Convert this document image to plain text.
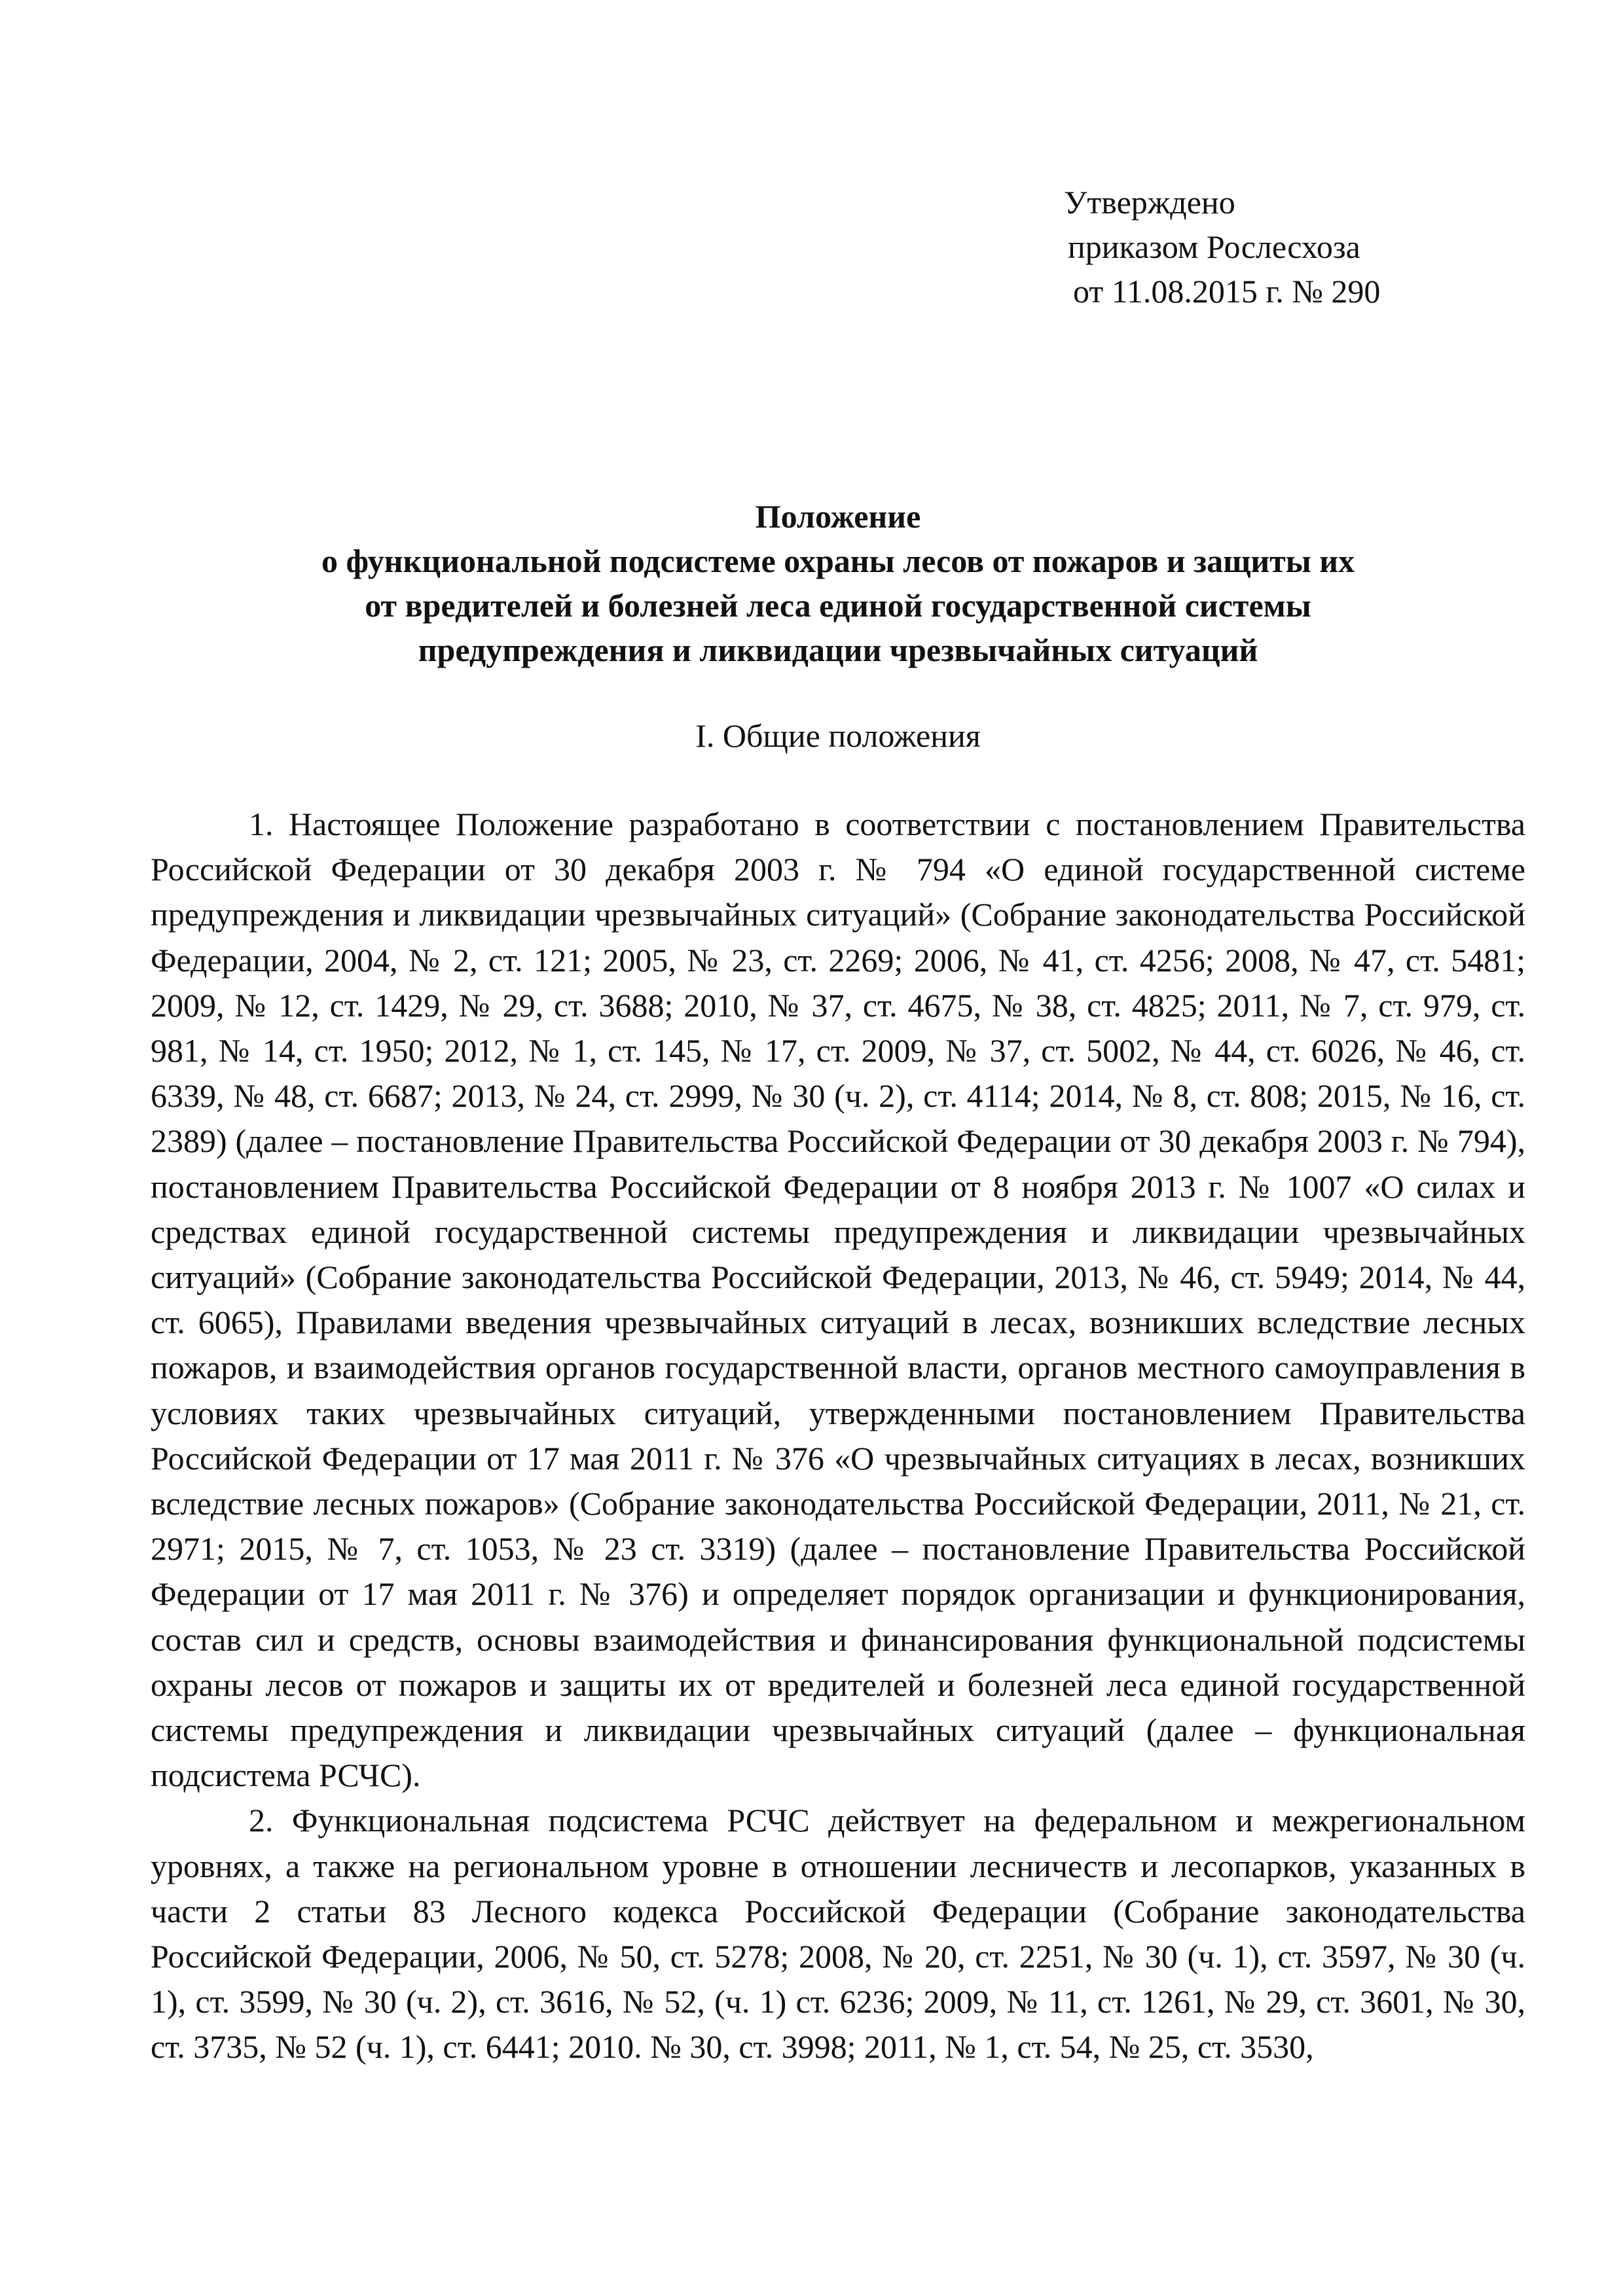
Утверждено
приказом Рослесхоза
от 11.08.2015 г. № 290
Положение
о функциональной подсистеме охраны лесов от пожаров и защиты их
от вредителей и болезней леса единой государственной системы
предупреждения и ликвидации чрезвычайных ситуаций
I. Общие положения

1. Настоящее Положение разработано в соответствии с постановлением Правительства Российской Федерации от 30 декабря 2003 г. № 794 «О единой государственной системе предупреждения и ликвидации чрезвычайных ситуаций» (Собрание законодательства Российской Федерации, 2004, № 2, ст. 121; 2005, № 23, ст. 2269; 2006, № 41, ст. 4256; 2008, № 47, ст. 5481; 2009, № 12, ст. 1429, № 29, ст. 3688; 2010, № 37, ст. 4675, № 38, ст. 4825; 2011, № 7, ст. 979, ст. 981, № 14, ст. 1950; 2012, № 1, ст. 145, № 17, ст. 2009, № 37, ст. 5002, № 44, ст. 6026, № 46, ст. 6339, № 48, ст. 6687; 2013, № 24, ст. 2999, № 30 (ч. 2), ст. 4114; 2014, № 8, ст. 808; 2015, № 16, ст. 2389) (далее – постановление Правительства Российской Федерации от 30 декабря 2003 г. № 794), постановлением Правительства Российской Федерации от 8 ноября 2013 г. № 1007 «О силах и средствах единой государственной системы предупреждения и ликвидации чрезвычайных ситуаций» (Собрание законодательства Российской Федерации, 2013, № 46, ст. 5949; 2014, № 44, ст. 6065), Правилами введения чрезвычайных ситуаций в лесах, возникших вследствие лесных пожаров, и взаимодействия органов государственной власти, органов местного самоуправления в условиях таких чрезвычайных ситуаций, утвержденными постановлением Правительства Российской Федерации от 17 мая 2011 г. № 376 «О чрезвычайных ситуациях в лесах, возникших вследствие лесных пожаров» (Собрание законодательства Российской Федерации, 2011, № 21, ст. 2971; 2015, № 7, ст. 1053, № 23 ст. 3319) (далее – постановление Правительства Российской Федерации от 17 мая 2011 г. № 376) и определяет порядок организации и функционирования, состав сил и средств, основы взаимодействия и финансирования функциональной подсистемы охраны лесов от пожаров и защиты их от вредителей и болезней леса единой государственной системы предупреждения и ликвидации чрезвычайных ситуаций (далее – функциональная подсистема РСЧС).

2. Функциональная подсистема РСЧС действует на федеральном и межрегиональном уровнях, а также на региональном уровне в отношении лесничеств и лесопарков, указанных в части 2 статьи 83 Лесного кодекса Российской Федерации (Собрание законодательства Российской Федерации, 2006, № 50, ст. 5278; 2008, № 20, ст. 2251, № 30 (ч. 1), ст. 3597, № 30 (ч. 1), ст. 3599, № 30 (ч. 2), ст. 3616, № 52, (ч. 1) ст. 6236; 2009, № 11, ст. 1261, № 29, ст. 3601, № 30, ст. 3735, № 52 (ч. 1), ст. 6441; 2010. № 30, ст. 3998; 2011, № 1, ст. 54, № 25, ст. 3530,
